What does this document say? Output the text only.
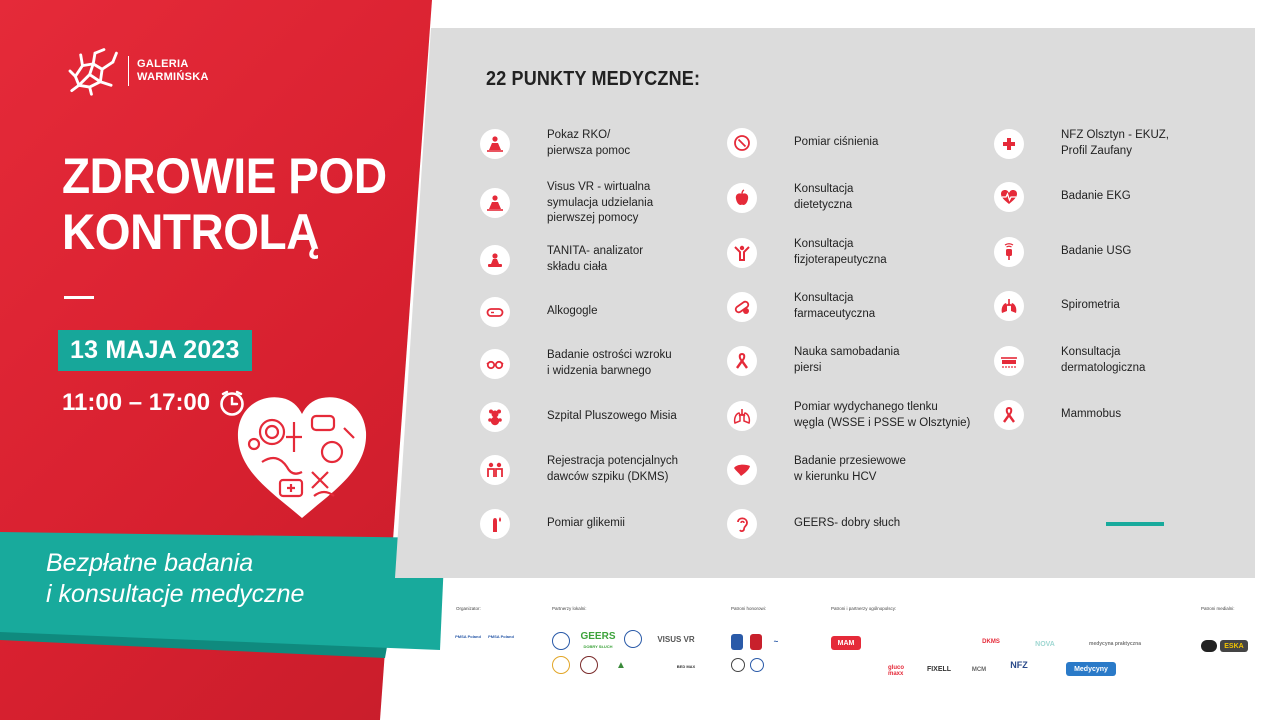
GALERIA
WARMIŃSKA
ZDROWIE POD
KONTROLĄ
13 MAJA 2023
11:00 – 17:00
Bezpłatne badania
i konsultacje medyczne
22 PUNKTY MEDYCZNE:
Pokaz RKO/
pierwsza pomoc
Visus VR - wirtualna
symulacja udzielania
pierwszej pomocy
TANITA- analizator
składu ciała
Alkogogle
Badanie ostrości wzroku
i widzenia barwnego
Szpital Pluszowego Misia
Rejestracja potencjalnych
dawców szpiku (DKMS)
Pomiar glikemii
Pomiar ciśnienia
Konsultacja
dietetyczna
Konsultacja
fizjoterapeutyczna
Konsultacja
farmaceutyczna
Nauka samobadania
piersi
Pomiar wydychanego tlenku
węgla (WSSE i PSSE w Olsztynie)
Badanie przesiewowe
w kierunku HCV
GEERS- dobry słuch
NFZ Olsztyn - EKUZ,
Profil Zaufany
Badanie EKG
Badanie USG
Spirometria
Konsultacja
dermatologiczna
Mammobus
Organizator:
PMSA Poland	PMSA Poland
Partnerzy lokalni:
GEERS
DOBRY SŁUCH
VISUS VR
▲	BED MAX
Patroni honorowi:
~
Patroni i partnerzy ogólnopolscy:
MAM	NOVA	medycyna praktyczna
DKMS
FIXELL	NFZ	Medycyny
gluco maxx
MCM
Patroni medialni:
ESKA
